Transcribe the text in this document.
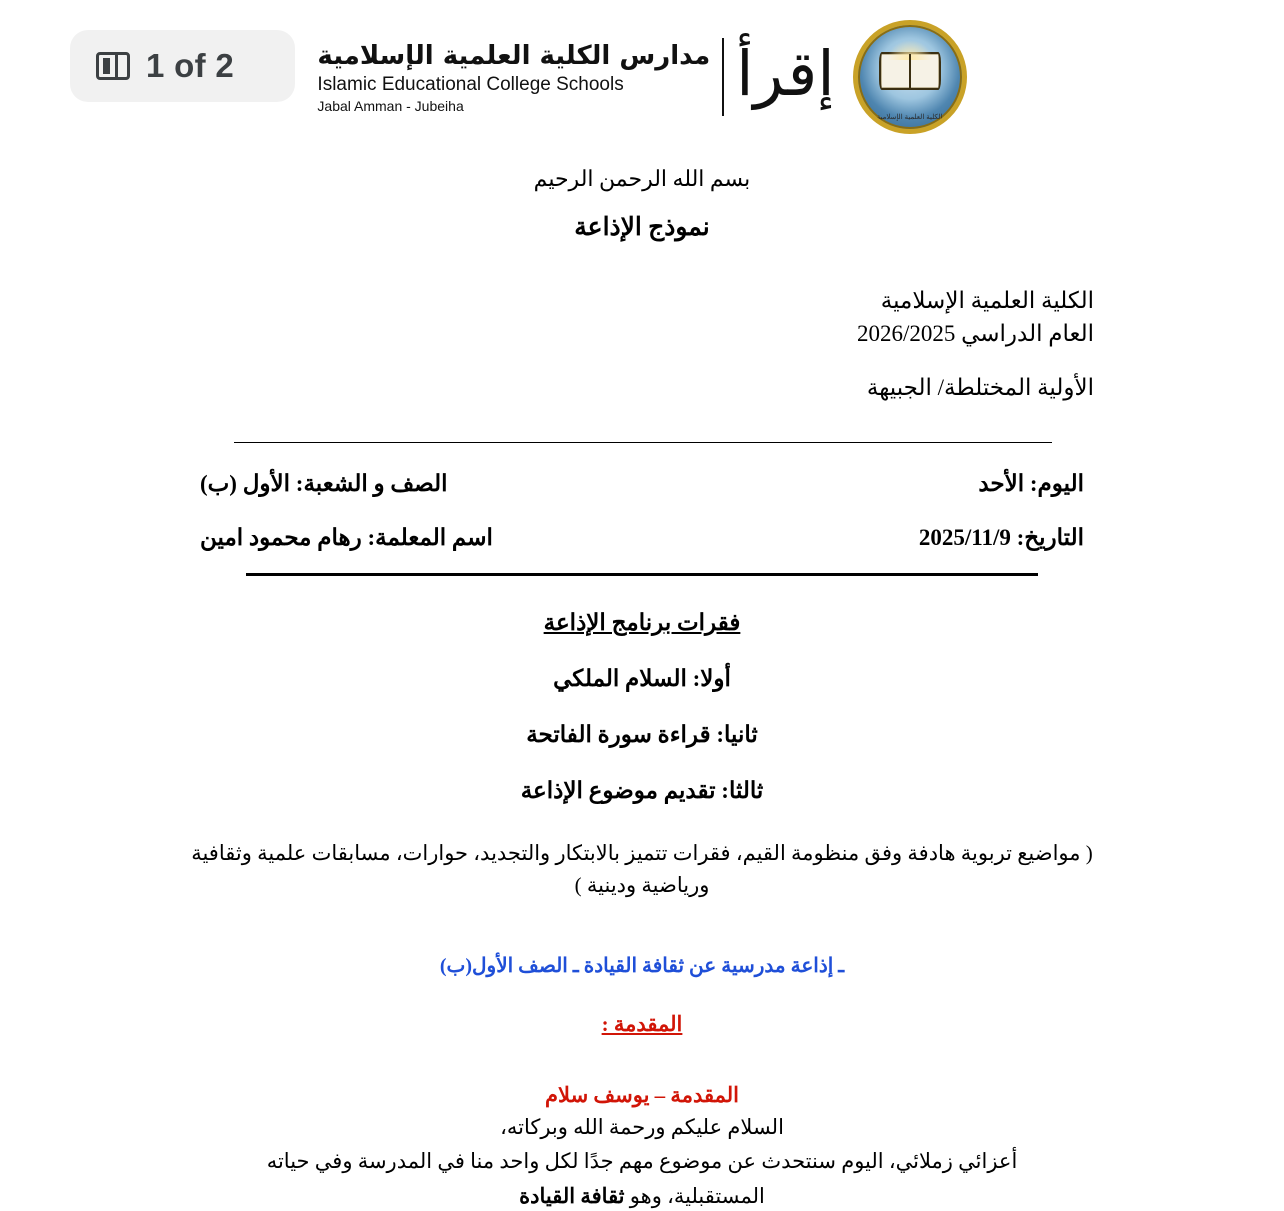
الكلية العلمية الإسلامية
مدارس الكلية العلمية الإسلامية
Islamic Educational College Schools
Jabal Amman - Jubeiha	إقرأ
بسم الله الرحمن الرحيم
نموذج الإذاعة
الكلية العلمية الإسلامية
العام الدراسي 2026/2025
الأولية المختلطة/ الجبيهة
اليوم: الأحد
الصف و الشعبة: الأول (ب)
التاريخ: 2025/11/9
اسم المعلمة: رهام محمود امين
فقرات برنامج الإذاعة
أولا: السلام الملكي
ثانيا: قراءة سورة الفاتحة
ثالثا: تقديم موضوع الإذاعة
( مواضيع تربوية هادفة وفق منظومة القيم، فقرات تتميز بالابتكار والتجديد، حوارات، مسابقات علمية وثقافية ورياضية ودينية )
ـ إذاعة مدرسية عن ثقافة القيادة ـ الصف الأول(ب)
المقدمة :
المقدمة – يوسف سلام
السلام عليكم ورحمة الله وبركاته،
أعزائي زملائي، اليوم سنتحدث عن موضوع مهم جدًا لكل واحد منا في المدرسة وفي حياته
المستقبلية، وهو ثقافة القيادة
1 of 2
